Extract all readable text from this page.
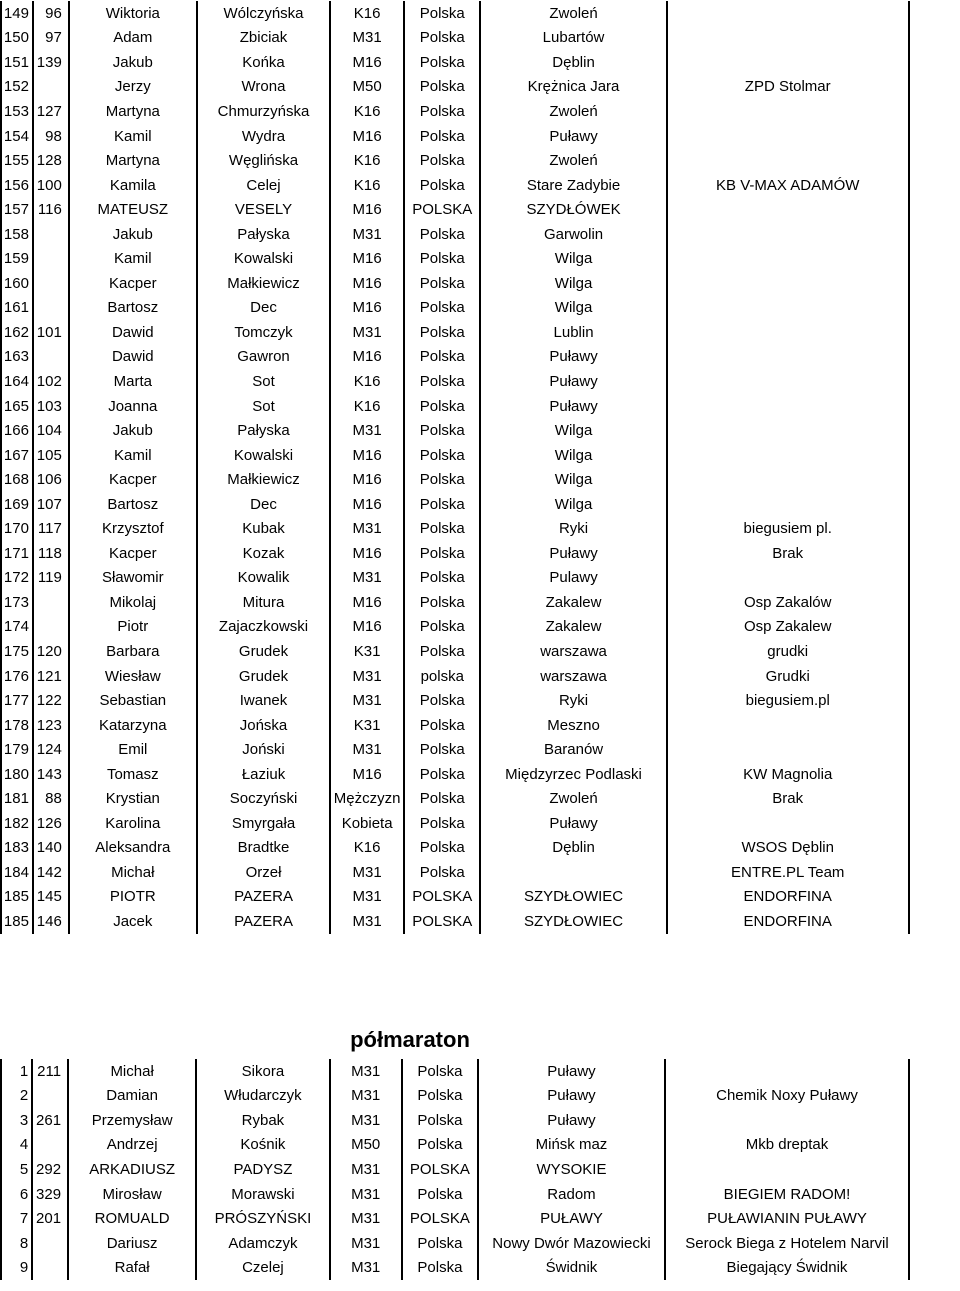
149	96	Wiktoria	Wólczyńska	K16	Polska	Zwoleń		
150	97	Adam	Zbiciak	M31	Polska	Lubartów		
151	139	Jakub	Końka	M16	Polska	Dęblin		
152		Jerzy	Wrona	M50	Polska	Krężnica Jara	ZPD Stolmar	
153	127	Martyna	Chmurzyńska	K16	Polska	Zwoleń		
154	98	Kamil	Wydra	M16	Polska	Puławy		
155	128	Martyna	Węglińska	K16	Polska	Zwoleń		
156	100	Kamila	Celej	K16	Polska	Stare Zadybie	KB V-MAX ADAMÓW	
157	116	MATEUSZ	VESELY	M16	POLSKA	SZYDŁÓWEK		
158		Jakub	Pałyska	M31	Polska	Garwolin		
159		Kamil	Kowalski	M16	Polska	Wilga		
160		Kacper	Małkiewicz	M16	Polska	Wilga		
161		Bartosz	Dec	M16	Polska	Wilga		
162	101	Dawid	Tomczyk	M31	Polska	Lublin		
163		Dawid	Gawron	M16	Polska	Puławy		
164	102	Marta	Sot	K16	Polska	Puławy		
165	103	Joanna	Sot	K16	Polska	Puławy		
166	104	Jakub	Pałyska	M31	Polska	Wilga		
167	105	Kamil	Kowalski	M16	Polska	Wilga		
168	106	Kacper	Małkiewicz	M16	Polska	Wilga		
169	107	Bartosz	Dec	M16	Polska	Wilga		
170	117	Krzysztof	Kubak	M31	Polska	Ryki	biegusiem pl.	
171	118	Kacper	Kozak	M16	Polska	Puławy	Brak	
172	119	Sławomir	Kowalik	M31	Polska	Pulawy		
173		Mikolaj	Mitura	M16	Polska	Zakalew	Osp Zakalów	
174		Piotr	Zajaczkowski	M16	Polska	Zakalew	Osp Zakalew	
175	120	Barbara	Grudek	K31	Polska	warszawa	grudki	
176	121	Wiesław	Grudek	M31	polska	warszawa	Grudki	
177	122	Sebastian	Iwanek	M31	Polska	Ryki	biegusiem.pl	
178	123	Katarzyna	Jońska	K31	Polska	Meszno		
179	124	Emil	Joński	M31	Polska	Baranów		
180	143	Tomasz	Łaziuk	M16	Polska	Międzyrzec Podlaski	KW Magnolia	
181	88	Krystian	Soczyński	Mężczyzn	Polska	Zwoleń	Brak	
182	126	Karolina	Smyrgała	Kobieta	Polska	Puławy		
183	140	Aleksandra	Bradtke	K16	Polska	Dęblin	WSOS Dęblin	
184	142	Michał	Orzeł	M31	Polska		ENTRE.PL Team	
185	145	PIOTR	PAZERA	M31	POLSKA	SZYDŁOWIEC	ENDORFINA	
185	146	Jacek	PAZERA	M31	POLSKA	SZYDŁOWIEC	ENDORFINA	
półmaraton
1	211	Michał	Sikora	M31	Polska	Puławy		
2		Damian	Włudarczyk	M31	Polska	Puławy	Chemik Noxy Puławy	
3	261	Przemysław	Rybak	M31	Polska	Puławy		
4		Andrzej	Kośnik	M50	Polska	Mińsk maz	Mkb dreptak	
5	292	ARKADIUSZ	PADYSZ	M31	POLSKA	WYSOKIE		
6	329	Mirosław	Morawski	M31	Polska	Radom	BIEGIEM RADOM!	
7	201	ROMUALD	PRÓSZYŃSKI	M31	POLSKA	PUŁAWY	PUŁAWIANIN PUŁAWY	
8		Dariusz	Adamczyk	M31	Polska	Nowy Dwór Mazowiecki	Serock Biega z Hotelem Narvil	
9		Rafał	Czelej	M31	Polska	Świdnik	Biegający Świdnik	
